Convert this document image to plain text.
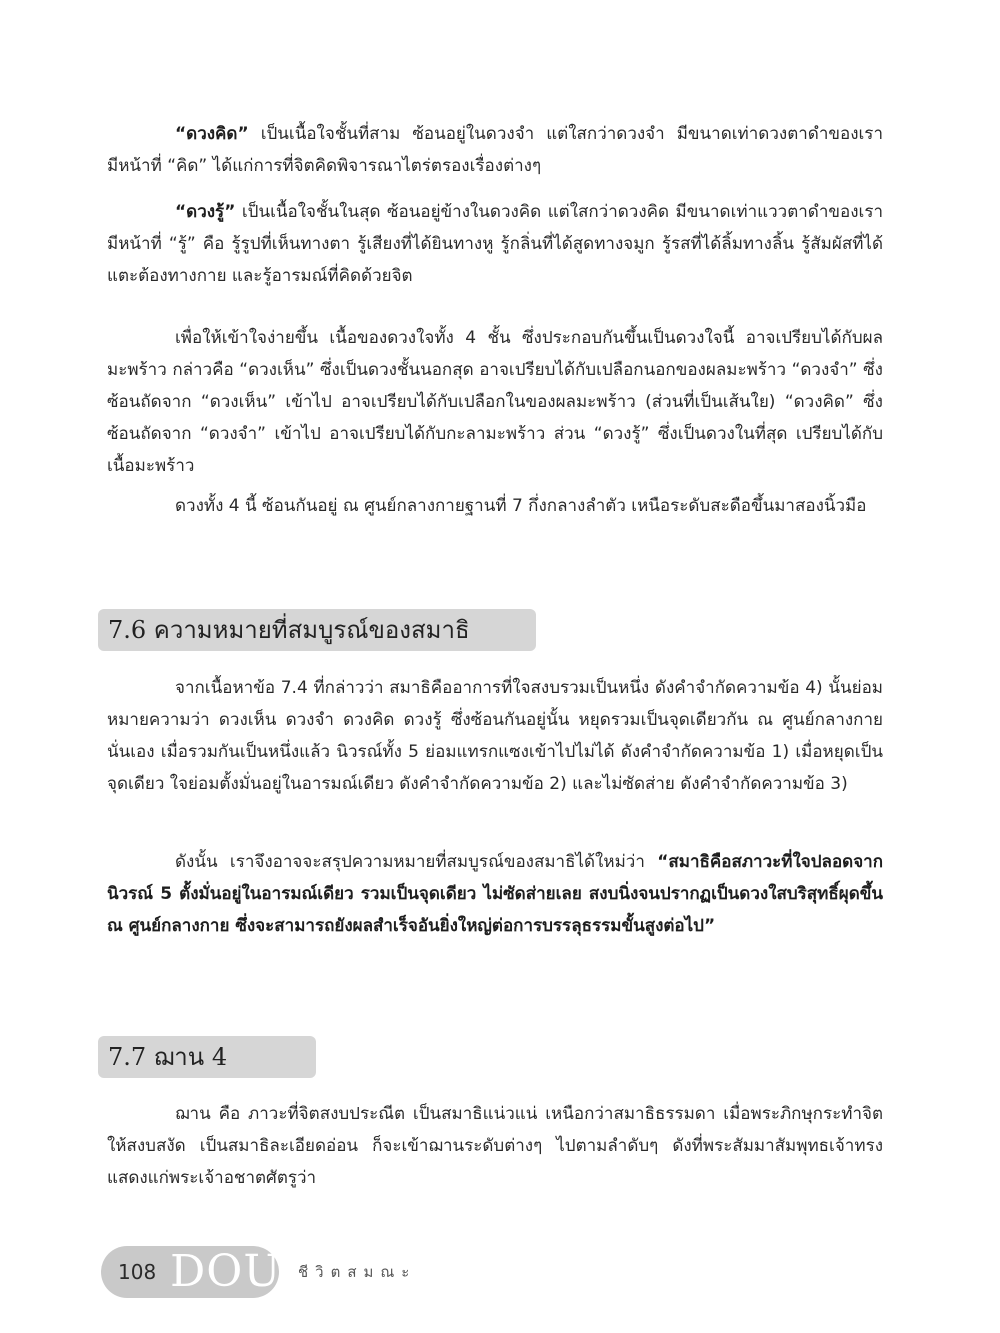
“ดวงคิด” เป็นเนื้อใจชั้นที่สาม ซ้อนอยู่ในดวงจำ แต่ใสกว่าดวงจำ มีขนาดเท่าดวงตาดำของเรามีหน้าที่ “คิด” ได้แก่การที่จิตคิดพิจารณาไตร่ตรองเรื่องต่างๆ

“ดวงรู้” เป็นเนื้อใจชั้นในสุด ซ้อนอยู่ข้างในดวงคิด แต่ใสกว่าดวงคิด มีขนาดเท่าแววตาดำของเรามีหน้าที่ “รู้” คือ รู้รูปที่เห็นทางตา รู้เสียงที่ได้ยินทางหู รู้กลิ่นที่ได้สูดทางจมูก รู้รสที่ได้ลิ้มทางลิ้น รู้สัมผัสที่ได้แตะต้องทางกาย และรู้อารมณ์ที่คิดด้วยจิต

เพื่อให้เข้าใจง่ายขึ้น เนื้อของดวงใจทั้ง 4 ชั้น ซึ่งประกอบกันขึ้นเป็นดวงใจนี้ อาจเปรียบได้กับผลมะพร้าว กล่าวคือ “ดวงเห็น” ซึ่งเป็นดวงชั้นนอกสุด อาจเปรียบได้กับเปลือกนอกของผลมะพร้าว “ดวงจำ” ซึ่งซ้อนถัดจาก “ดวงเห็น” เข้าไป อาจเปรียบได้กับเปลือกในของผลมะพร้าว (ส่วนที่เป็นเส้นใย) “ดวงคิด” ซึ่งซ้อนถัดจาก “ดวงจำ” เข้าไป อาจเปรียบได้กับกะลามะพร้าว ส่วน “ดวงรู้” ซึ่งเป็นดวงในที่สุด เปรียบได้กับเนื้อมะพร้าว

ดวงทั้ง 4 นี้ ซ้อนกันอยู่ ณ ศูนย์กลางกายฐานที่ 7 กึ่งกลางลำตัว เหนือระดับสะดือขึ้นมาสองนิ้วมือ

7.6 ความหมายที่สมบูรณ์ของสมาธิ

จากเนื้อหาข้อ 7.4 ที่กล่าวว่า สมาธิคืออาการที่ใจสงบรวมเป็นหนึ่ง ดังคำจำกัดความข้อ 4) นั้นย่อมหมายความว่า ดวงเห็น ดวงจำ ดวงคิด ดวงรู้ ซึ่งซ้อนกันอยู่นั้น หยุดรวมเป็นจุดเดียวกัน ณ ศูนย์กลางกายนั่นเอง เมื่อรวมกันเป็นหนึ่งแล้ว นิวรณ์ทั้ง 5 ย่อมแทรกแซงเข้าไปไม่ได้ ดังคำจำกัดความข้อ 1) เมื่อหยุดเป็นจุดเดียว ใจย่อมตั้งมั่นอยู่ในอารมณ์เดียว ดังคำจำกัดความข้อ 2) และไม่ซัดส่าย ดังคำจำกัดความข้อ 3)

ดังนั้น เราจึงอาจจะสรุปความหมายที่สมบูรณ์ของสมาธิได้ใหม่ว่า “สมาธิคือสภาวะที่ใจปลอดจากนิวรณ์ 5 ตั้งมั่นอยู่ในอารมณ์เดียว รวมเป็นจุดเดียว ไม่ซัดส่ายเลย สงบนิ่งจนปรากฏเป็นดวงใสบริสุทธิ์ผุดขึ้น ณ ศูนย์กลางกาย ซึ่งจะสามารถยังผลสำเร็จอันยิ่งใหญ่ต่อการบรรลุธรรมขั้นสูงต่อไป”

7.7 ฌาน 4

ฌาน คือ ภาวะที่จิตสงบประณีต เป็นสมาธิแน่วแน่ เหนือกว่าสมาธิธรรมดา เมื่อพระภิกษุกระทำจิตให้สงบสงัด เป็นสมาธิละเอียดอ่อน ก็จะเข้าฌานระดับต่างๆ ไปตามลำดับๆ ดังที่พระสัมมาสัมพุทธเจ้าทรงแสดงแก่พระเจ้าอชาตศัตรูว่า

108 DOU ชีวิตสมณะ
